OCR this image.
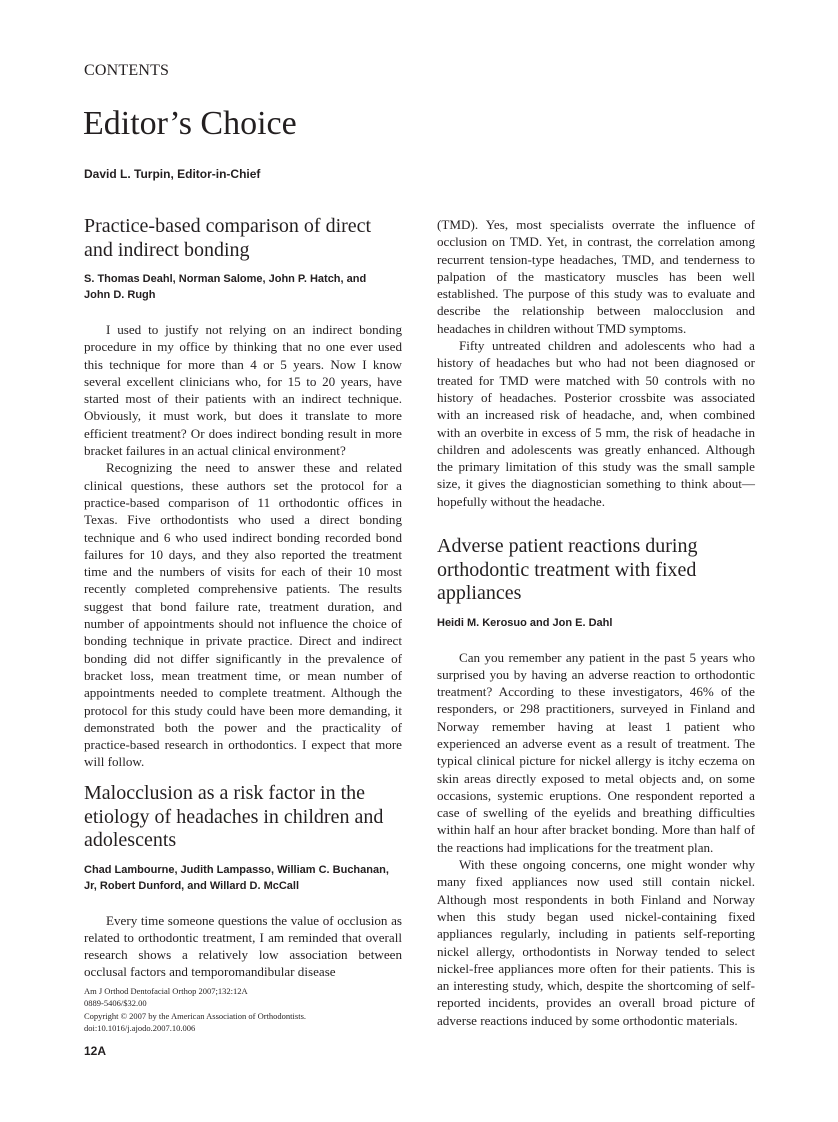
CONTENTS
Editor’s Choice
David L. Turpin, Editor-in-Chief
Practice-based comparison of direct
and indirect bonding

S. Thomas Deahl, Norman Salome, John P. Hatch, and
John D. Rugh

I used to justify not relying on an indirect bonding procedure in my office by thinking that no one ever used this technique for more than 4 or 5 years. Now I know several excellent clinicians who, for 15 to 20 years, have started most of their patients with an indirect technique. Obviously, it must work, but does it translate to more efficient treatment? Or does indirect bonding result in more bracket failures in an actual clinical environment?

Recognizing the need to answer these and related clinical questions, these authors set the protocol for a practice-based comparison of 11 orthodontic offices in Texas. Five orthodontists who used a direct bonding technique and 6 who used indirect bonding recorded bond failures for 10 days, and they also reported the treatment time and the numbers of visits for each of their 10 most recently completed comprehensive patients. The results suggest that bond failure rate, treatment duration, and number of appointments should not influence the choice of bonding technique in private practice. Direct and indirect bonding did not differ significantly in the prevalence of bracket loss, mean treatment time, or mean number of appointments needed to complete treatment. Although the protocol for this study could have been more demanding, it demonstrated both the power and the practicality of practice-based research in orthodontics. I expect that more will follow.

Malocclusion as a risk factor in the
etiology of headaches in children and
adolescents

Chad Lambourne, Judith Lampasso, William C. Buchanan,
Jr, Robert Dunford, and Willard D. McCall

Every time someone questions the value of occlusion as related to orthodontic treatment, I am reminded that overall research shows a relatively low association between occlusal factors and temporomandibular disease

Am J Orthod Dentofacial Orthop 2007;132:12A
0889-5406/$32.00
Copyright © 2007 by the American Association of Orthodontists.
doi:10.1016/j.ajodo.2007.10.006
12A

(TMD). Yes, most specialists overrate the influence of occlusion on TMD. Yet, in contrast, the correlation among recurrent tension-type headaches, TMD, and tenderness to palpation of the masticatory muscles has been well established. The purpose of this study was to evaluate and describe the relationship between malocclusion and headaches in children without TMD symptoms.

Fifty untreated children and adolescents who had a history of headaches but who had not been diagnosed or treated for TMD were matched with 50 controls with no history of headaches. Posterior crossbite was associated with an increased risk of headache, and, when combined with an overbite in excess of 5 mm, the risk of headache in children and adolescents was greatly enhanced. Although the primary limitation of this study was the small sample size, it gives the diagnostician something to think about—hopefully without the headache.

Adverse patient reactions during
orthodontic treatment with fixed
appliances

Heidi M. Kerosuo and Jon E. Dahl

Can you remember any patient in the past 5 years who surprised you by having an adverse reaction to orthodontic treatment? According to these investigators, 46% of the responders, or 298 practitioners, surveyed in Finland and Norway remember having at least 1 patient who experienced an adverse event as a result of treatment. The typical clinical picture for nickel allergy is itchy eczema on skin areas directly exposed to metal objects and, on some occasions, systemic eruptions. One respondent reported a case of swelling of the eyelids and breathing difficulties within half an hour after bracket bonding. More than half of the reactions had implications for the treatment plan.

With these ongoing concerns, one might wonder why many fixed appliances now used still contain nickel. Although most respondents in both Finland and Norway when this study began used nickel-containing fixed appliances regularly, including in patients self-reporting nickel allergy, orthodontists in Norway tended to select nickel-free appliances more often for their patients. This is an interesting study, which, despite the shortcoming of self-reported incidents, provides an overall broad picture of adverse reactions induced by some orthodontic materials.
